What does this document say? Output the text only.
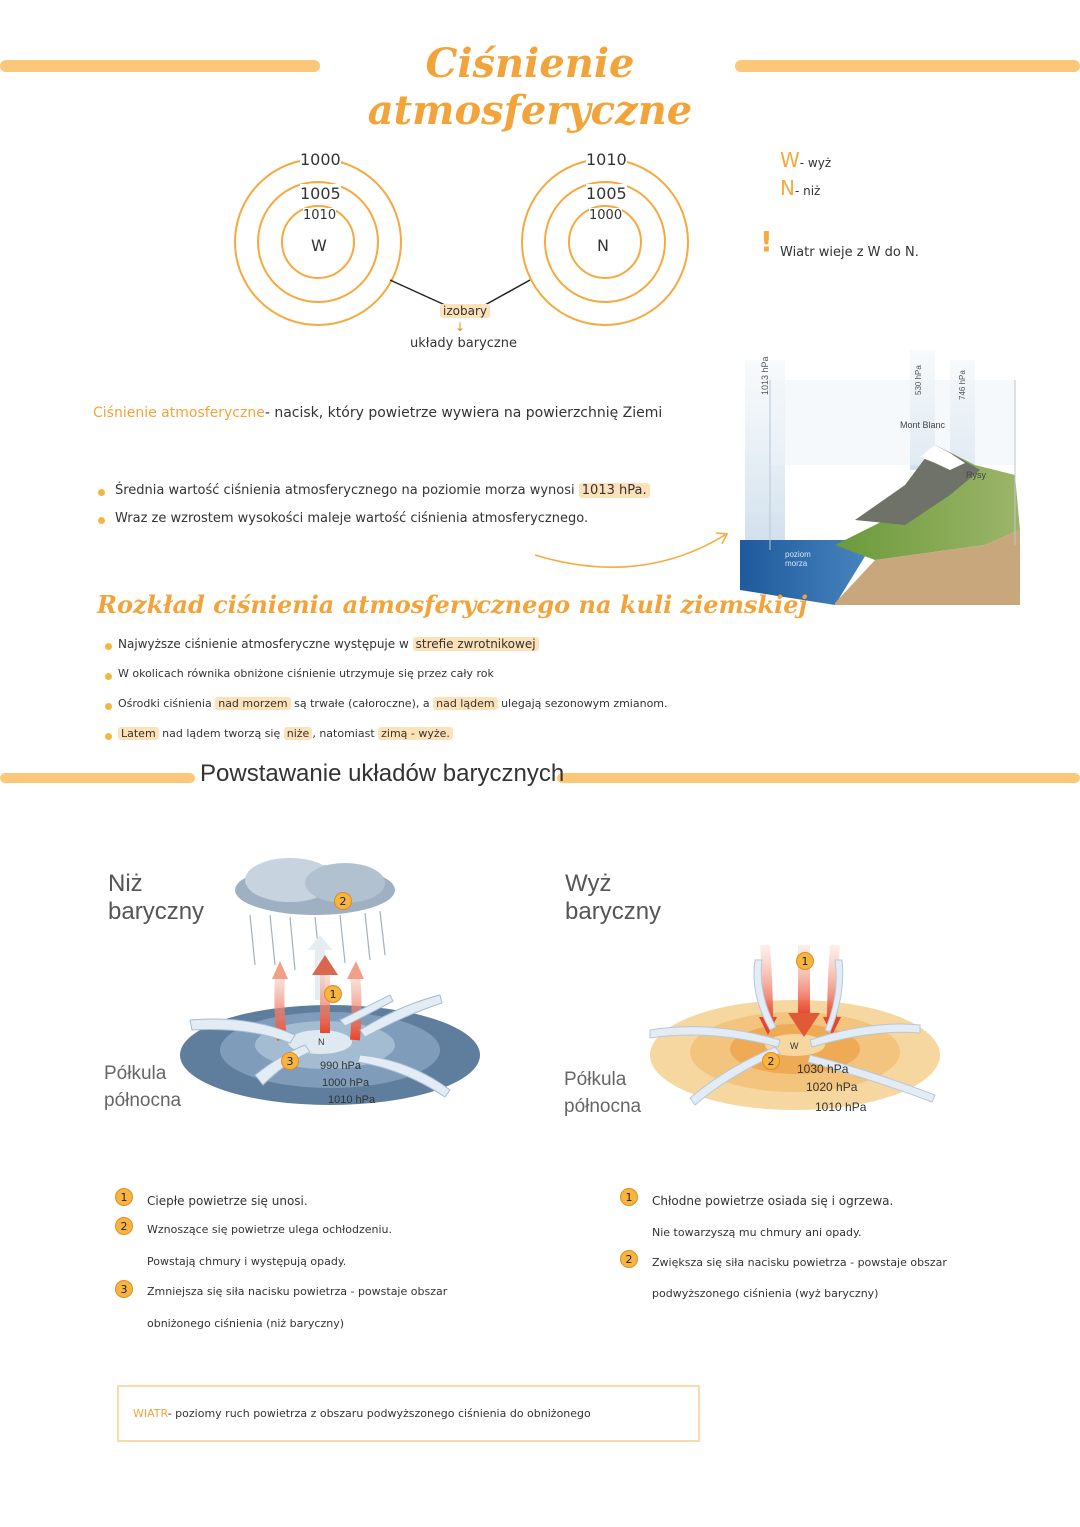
Ciśnienie atmosferyczne
1000
1005
1010
W
1010
1005
1000
N
izobary
↓
układy baryczne
W- wyż
N- niż
! Wiatr wieje z W do N.
Ciśnienie atmosferyczne- nacisk, który powietrze wywiera na powierzchnię Ziemi
Średnia wartość ciśnienia atmosferycznego na poziomie morza wynosi 1013 hPa.
Wraz ze wzrostem wysokości maleje wartość ciśnienia atmosferycznego.
1013 hPa	530 hPa	746 hPa
Mont Blanc
Rysy
poziom morza
Rozkład ciśnienia atmosferycznego na kuli ziemskiej
Najwyższe ciśnienie atmosferyczne występuje w strefie zwrotnikowej
W okolicach równika obniżone ciśnienie utrzymuje się przez cały rok
Ośrodki ciśnienia nad morzem są trwałe (całoroczne), a nad lądem ulegają sezonowym zmianom.
Latem nad lądem tworzą się niże , natomiast zimą - wyże.
Powstawanie układów barycznych
Niż
baryczny
Półkula
północna
N
1
2
3	990 hPa
1000 hPa
1010 hPa
Wyż
baryczny
Półkula
północna
W
1
2
1030 hPa
1020 hPa
1010 hPa
1	Ciepłe powietrze się unosi.
2	Wznoszące się powietrze ulega ochłodzeniu.
Powstają chmury i występują opady.
3	Zmniejsza się siła nacisku powietrza - powstaje obszar
obniżonego ciśnienia (niż baryczny)
1	Chłodne powietrze osiada się i ogrzewa.
Nie towarzyszą mu chmury ani opady.
2	Zwiększa się siła nacisku powietrza - powstaje obszar
podwyższonego ciśnienia (wyż baryczny)
WIATR- poziomy ruch powietrza z obszaru podwyższonego ciśnienia do obniżonego
